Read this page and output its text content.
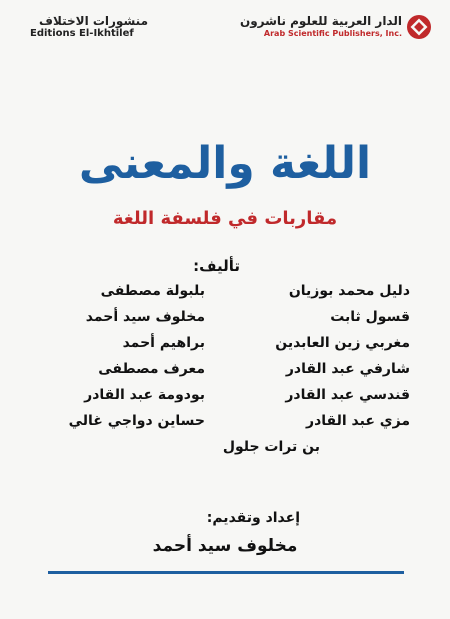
منشورات الاختلاف
Editions El-Ikhtilef
الدار العربية للعلوم ناشرون
Arab Scientific Publishers, Inc.
اللغة والمعنى
مقاربات في فلسفة اللغة
تأليف:
دليل محمد بوزيان
بلبولة مصطفى
قسول ثابت
مخلوف سيد أحمد
مغربي زين العابدين
براهيم أحمد
شارفي عبد القادر
معرف مصطفى
قندسي عبد القادر
بودومة عبد القادر
مزي عبد القادر
حساين دواجي غالي
بن ترات جلول
إعداد وتقديم:
مخلوف سيد أحمد
